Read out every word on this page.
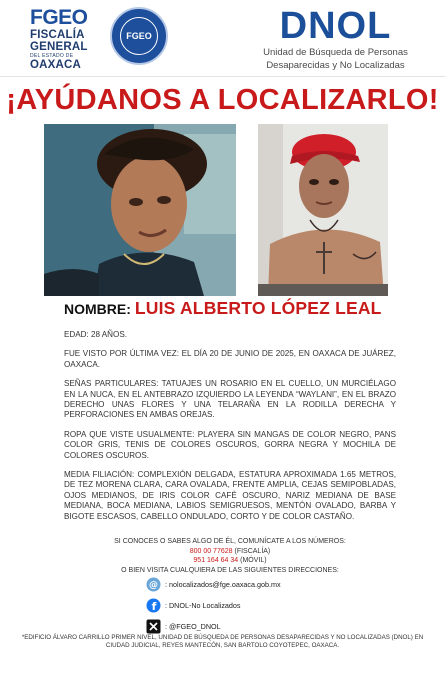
FGEO
FISCALÍA
GENERAL
DEL ESTADO DE
OAXACA
FGEO	DNOL
Unidad de Búsqueda de Personas
Desaparecidas y No Localizadas
¡AYÚDANOS A LOCALIZARLO!
NOMBRE: LUIS ALBERTO LÓPEZ LEAL
EDAD: 28 AÑOS.
FUE VISTO POR ÚLTIMA VEZ: EL DÍA 20 DE JUNIO DE 2025, EN OAXACA DE JUÁREZ, OAXACA.
SEÑAS PARTICULARES: TATUAJES UN ROSARIO EN EL CUELLO, UN MURCIÉLAGO EN LA NUCA, EN EL ANTEBRAZO IZQUIERDO LA LEYENDA “WAYLANI”, EN EL BRAZO DERECHO UNAS FLORES Y UNA TELARAÑA EN LA RODILLA DERECHA Y PERFORACIONES EN AMBAS OREJAS.
ROPA QUE VISTE USUALMENTE: PLAYERA SIN MANGAS DE COLOR NEGRO, PANS COLOR GRIS, TENIS DE COLORES OSCUROS, GORRA NEGRA Y MOCHILA DE COLORES OSCUROS.
MEDIA FILIACIÓN: COMPLEXIÓN DELGADA, ESTATURA APROXIMADA 1.65 METROS, DE TEZ MORENA CLARA, CARA OVALADA, FRENTE AMPLIA, CEJAS SEMIPOBLADAS, OJOS MEDIANOS, DE IRIS COLOR CAFÉ OSCURO, NARIZ MEDIANA DE BASE MEDIANA, BOCA MEDIANA, LABIOS SEMIGRUESOS, MENTÓN OVALADO, BARBA Y BIGOTE ESCASOS, CABELLO ONDULADO, CORTO Y DE COLOR CASTAÑO.
SI CONOCES O SABES ALGO DE ÉL, COMUNÍCATE A LOS NÚMEROS:
800 00 77628 (FISCALÍA)
951 164 64 34 (MÓVIL)
O BIEN VISITA CUALQUIERA DE LAS SIGUIENTES DIRECCIONES:
@ : nolocalizados@fge.oaxaca.gob.mx
f : DNOL-No Localizados
: @FGEO_DNOL
*EDIFICIO ÁLVARO CARRILLO PRIMER NIVEL, UNIDAD DE BÚSQUEDA DE PERSONAS DESAPARECIDAS Y NO LOCALIZADAS (DNOL) EN CIUDAD JUDICIAL, REYES MANTECÓN, SAN BARTOLO COYOTEPEC, OAXACA.
